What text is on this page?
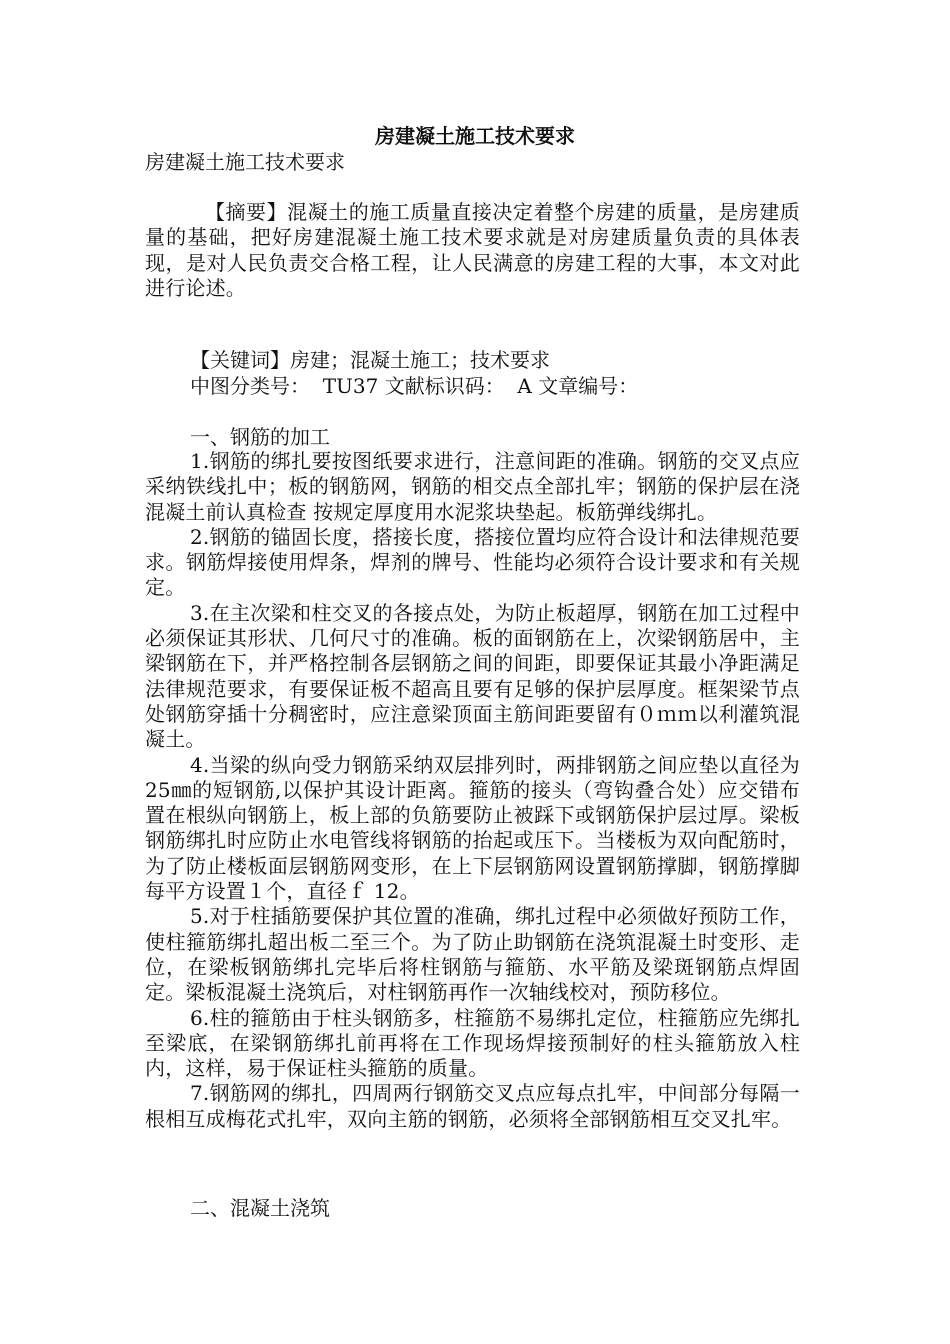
房建凝土施工技术要求
房建凝土施工技术要求
【摘要】混凝土的施工质量直接决定着整个房建的质量，是房建质量的基础，把好房建混凝土施工技术要求就是对房建质量负责的具体表现，是对人民负责交合格工程，让人民满意的房建工程的大事，本文对此进行论述。
【关键词】房建；混凝土施工；技术要求
中图分类号：  TU37 文献标识码：  A 文章编号：
一、钢筋的加工

1.钢筋的绑扎要按图纸要求进行，注意间距的准确。钢筋的交叉点应采纳铁线扎中；板的钢筋网，钢筋的相交点全部扎牢；钢筋的保护层在浇混凝土前认真检查 按规定厚度用水泥浆块垫起。板筋弹线绑扎。

2.钢筋的锚固长度，搭接长度，搭接位置均应符合设计和法律规范要求。钢筋焊接使用焊条，焊剂的牌号、性能均必须符合设计要求和有关规定。

3.在主次梁和柱交叉的各接点处，为防止板超厚，钢筋在加工过程中必须保证其形状、几何尺寸的准确。板的面钢筋在上，次梁钢筋居中，主梁钢筋在下，并严格控制各层钢筋之间的间距，即要保证其最小净距满足法律规范要求，有要保证板不超高且要有足够的保护层厚度。框架梁节点处钢筋穿插十分稠密时，应注意梁顶面主筋间距要留有０ｍｍ以利灌筑混凝土。

4.当梁的纵向受力钢筋采纳双层排列时，两排钢筋之间应垫以直径为25㎜的短钢筋,以保护其设计距离。箍筋的接头（弯钩叠合处）应交错布置在根纵向钢筋上，板上部的负筋要防止被踩下或钢筋保护层过厚。梁板钢筋绑扎时应防止水电管线将钢筋的抬起或压下。当楼板为双向配筋时，为了防止楼板面层钢筋网变形，在上下层钢筋网设置钢筋撑脚，钢筋撑脚每平方设置１个，直径ｆ 12。

5.对于柱插筋要保护其位置的准确，绑扎过程中必须做好预防工作，使柱箍筋绑扎超出板二至三个。为了防止助钢筋在浇筑混凝土时变形、走位，在梁板钢筋绑扎完毕后将柱钢筋与箍筋、水平筋及梁斑钢筋点焊固定。梁板混凝土浇筑后，对柱钢筋再作一次轴线校对，预防移位。

6.柱的箍筋由于柱头钢筋多，柱箍筋不易绑扎定位，柱箍筋应先绑扎至梁底，在梁钢筋绑扎前再将在工作现场焊接预制好的柱头箍筋放入柱内，这样，易于保证柱头箍筋的质量。

7.钢筋网的绑扎，四周两行钢筋交叉点应每点扎牢，中间部分每隔一根相互成梅花式扎牢，双向主筋的钢筋，必须将全部钢筋相互交叉扎牢。

二、混凝土浇筑
